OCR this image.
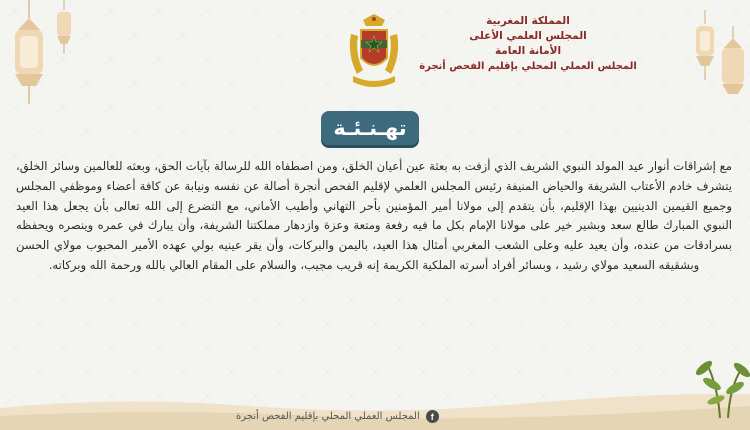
المملكة المغربية
المجلس العلمي الأعلى
الأمانة العامة
المجلس العملي المحلي بإقليم الفحص أنجرة
تهـنـئـة
مع إشراقات أنوار عيد المولد النبوي الشريف الذي أزفت به بعثة عين أعيان الخلق، ومن اصطفاه الله للرسالة بآيات الحق، وبعثه للعالمين وسائر الخلق، يتشرف خادم الأعتاب الشريفة والحياض المنيفة رئيس المجلس العلمي لإقليم الفحص أنجرة أصالة عن نفسه ونيابة عن كافة أعضاء وموظفي المجلس وجميع القيمين الدينيين بهذا الإقليم، بأن يتقدم إلى مولانا أمير المؤمنين بأحر التهاني وأطيب الأماني، مع التضرع إلى الله تعالى بأن يجعل هذا العيد النبوي المبارك طالع سعد وبشير خير على مولانا الإمام بكل ما فيه رفعة ومتعة وعزة وازدهار مملكتنا الشريفة، وأن يبارك في عمره وينصره ويحفظه بسرادقات من عنده، وأن يعيد عليه وعلى الشعب المغربي أمثال هذا العيد، باليمن والبركات، وأن يقر عينيه بولي عهده الأمير المحبوب مولاي الحسن وبشقيقه السعيد مولاي رشيد ، وبسائر أفراد أسرته الملكية الكريمة إنه قريب مجيب، والسلام على المقام العالي بالله ورحمة الله وبركاته.
f
المجلس العملي المحلي بإقليم الفحص أنجرة
